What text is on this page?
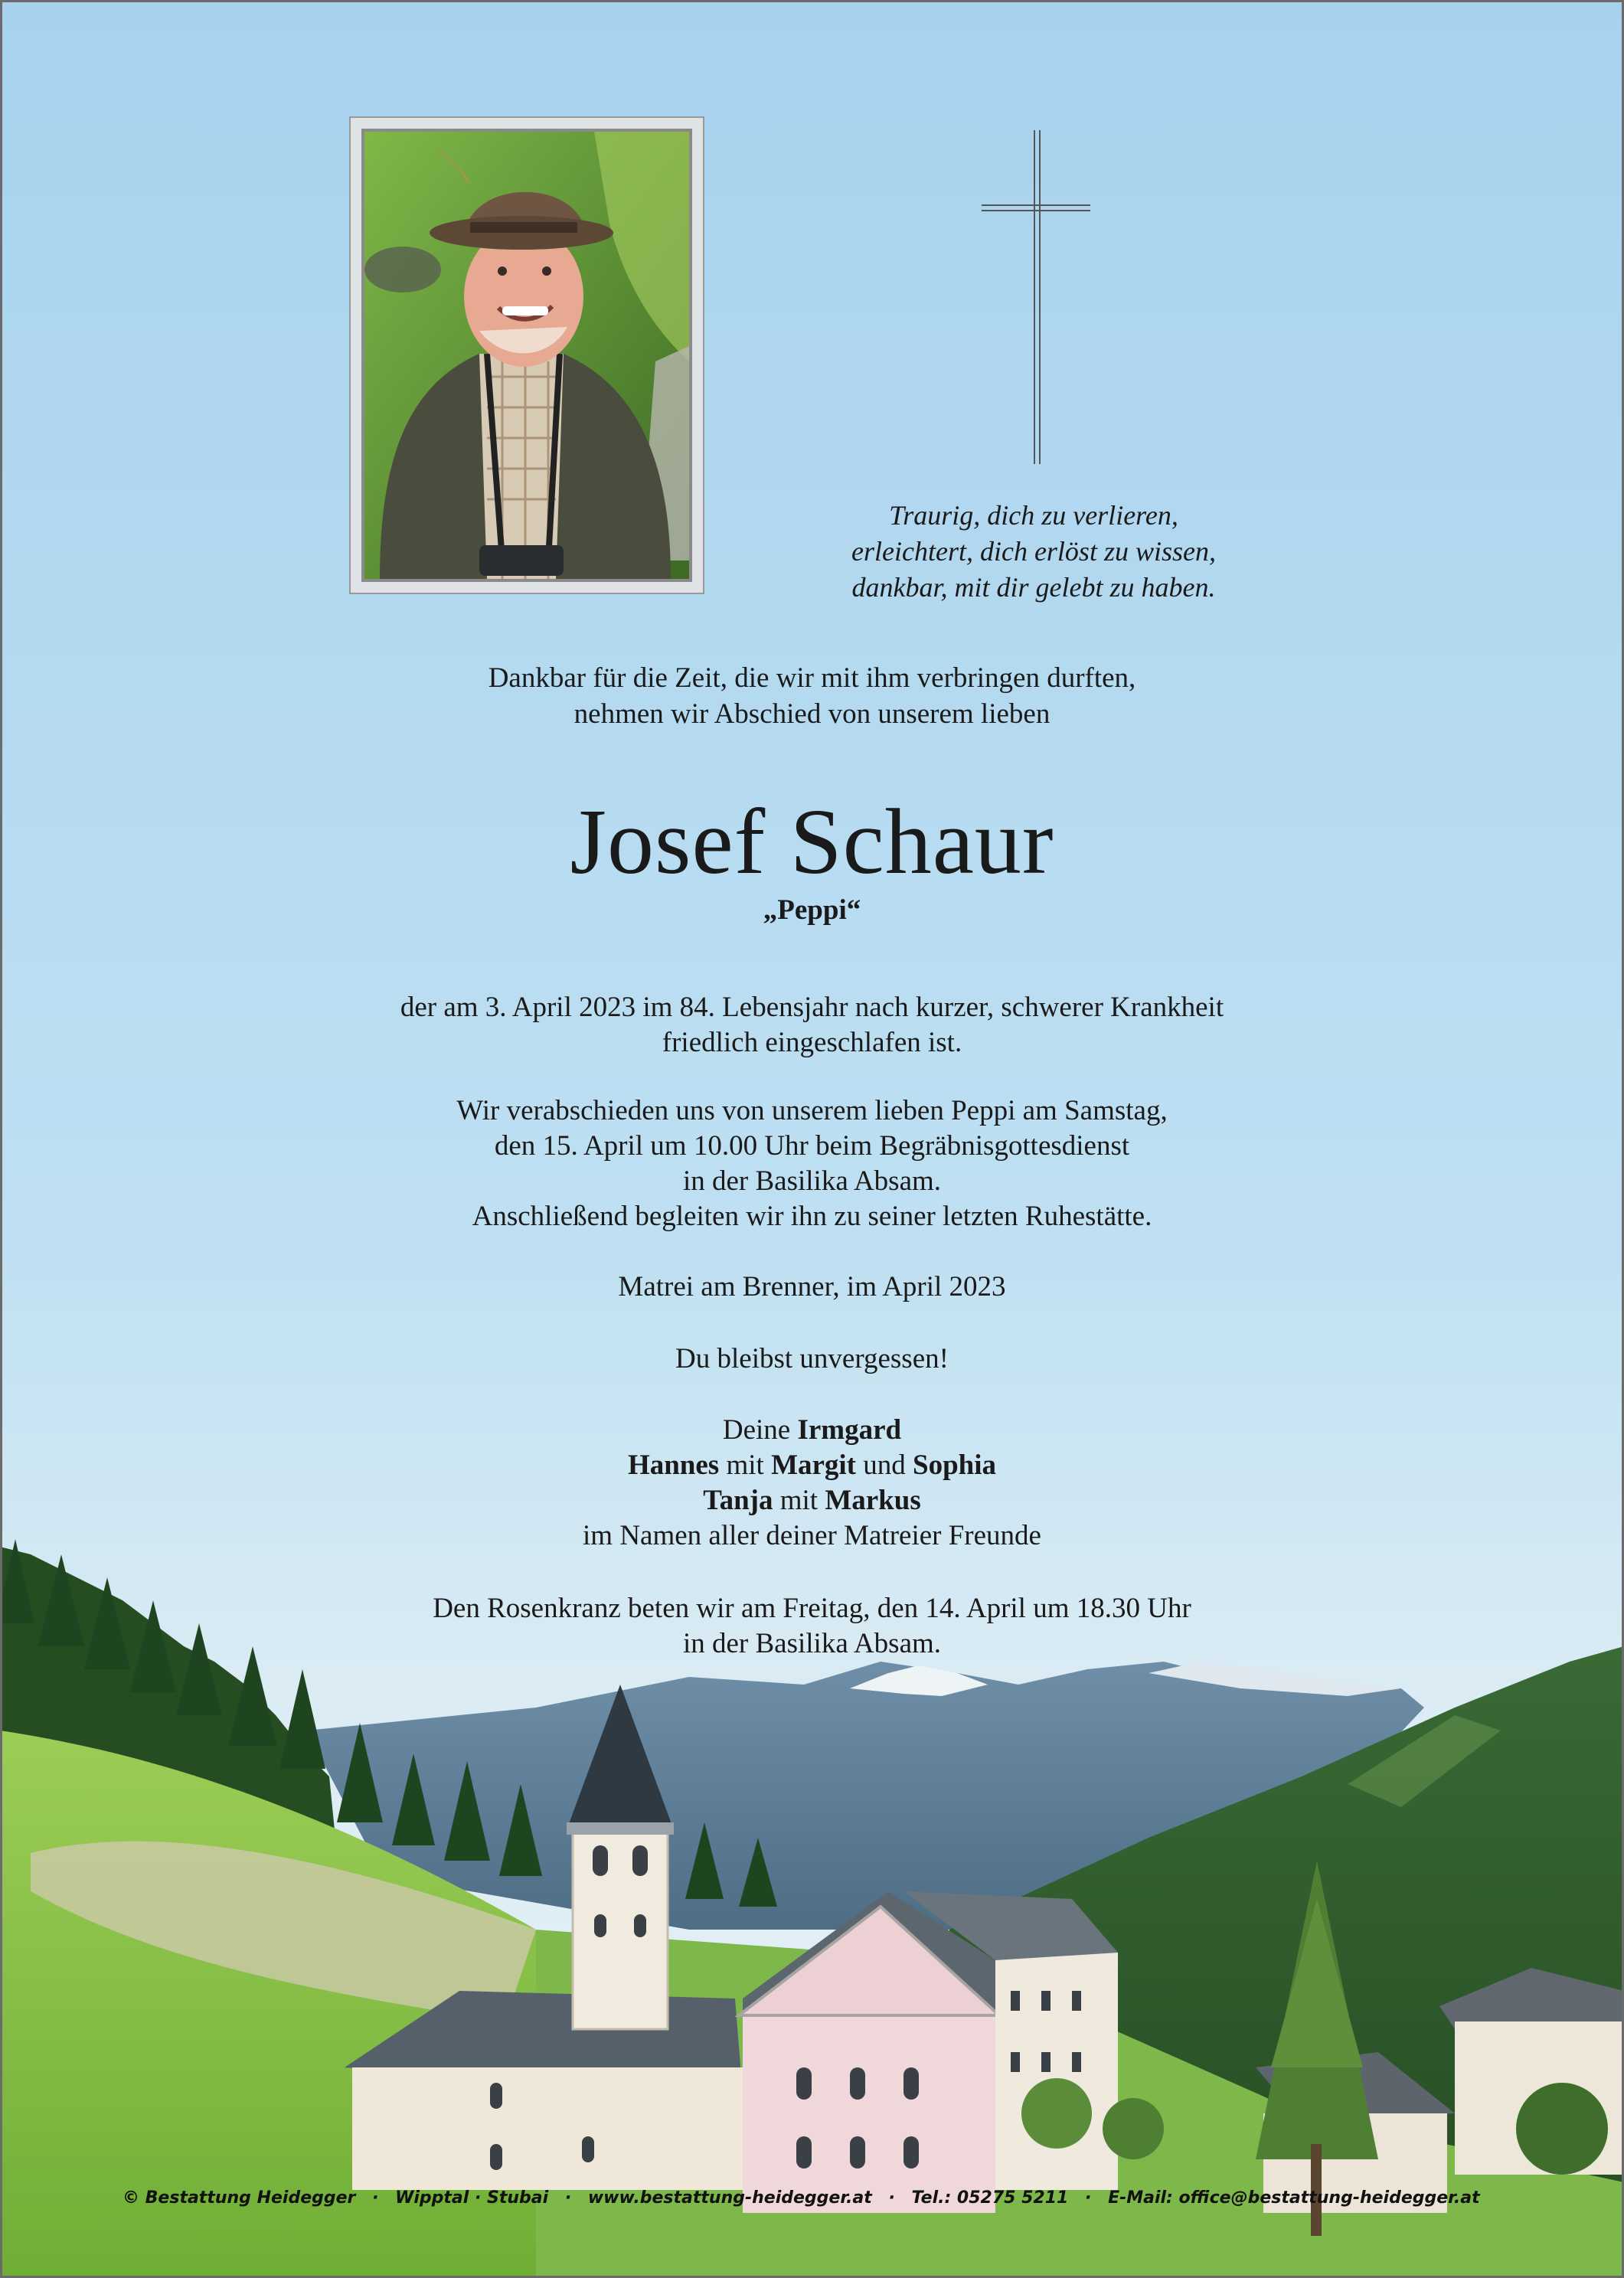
Traurig, dich zu verlieren,
erleichtert, dich erlöst zu wissen,
dankbar, mit dir gelebt zu haben.
Dankbar für die Zeit, die wir mit ihm verbringen durften,
nehmen wir Abschied von unserem lieben
Josef Schaur
„Peppi“
der am 3. April 2023 im 84. Lebensjahr nach kurzer, schwerer Krankheit
friedlich eingeschlafen ist.
Wir verabschieden uns von unserem lieben Peppi am Samstag,
den 15. April um 10.00 Uhr beim Begräbnisgottesdienst
in der Basilika Absam.
Anschließend begleiten wir ihn zu seiner letzten Ruhestätte.
Matrei am Brenner, im April 2023
Du bleibst unvergessen!
Deine Irmgard
Hannes mit Margit und Sophia
Tanja mit Markus
im Namen aller deiner Matreier Freunde
Den Rosenkranz beten wir am Freitag, den 14. April um 18.30 Uhr
in der Basilika Absam.
© Bestattung Heidegger · Wipptal · Stubai · www.bestattung-heidegger.at · Tel.: 05275 5211 · E-Mail: office@bestattung-heidegger.at
